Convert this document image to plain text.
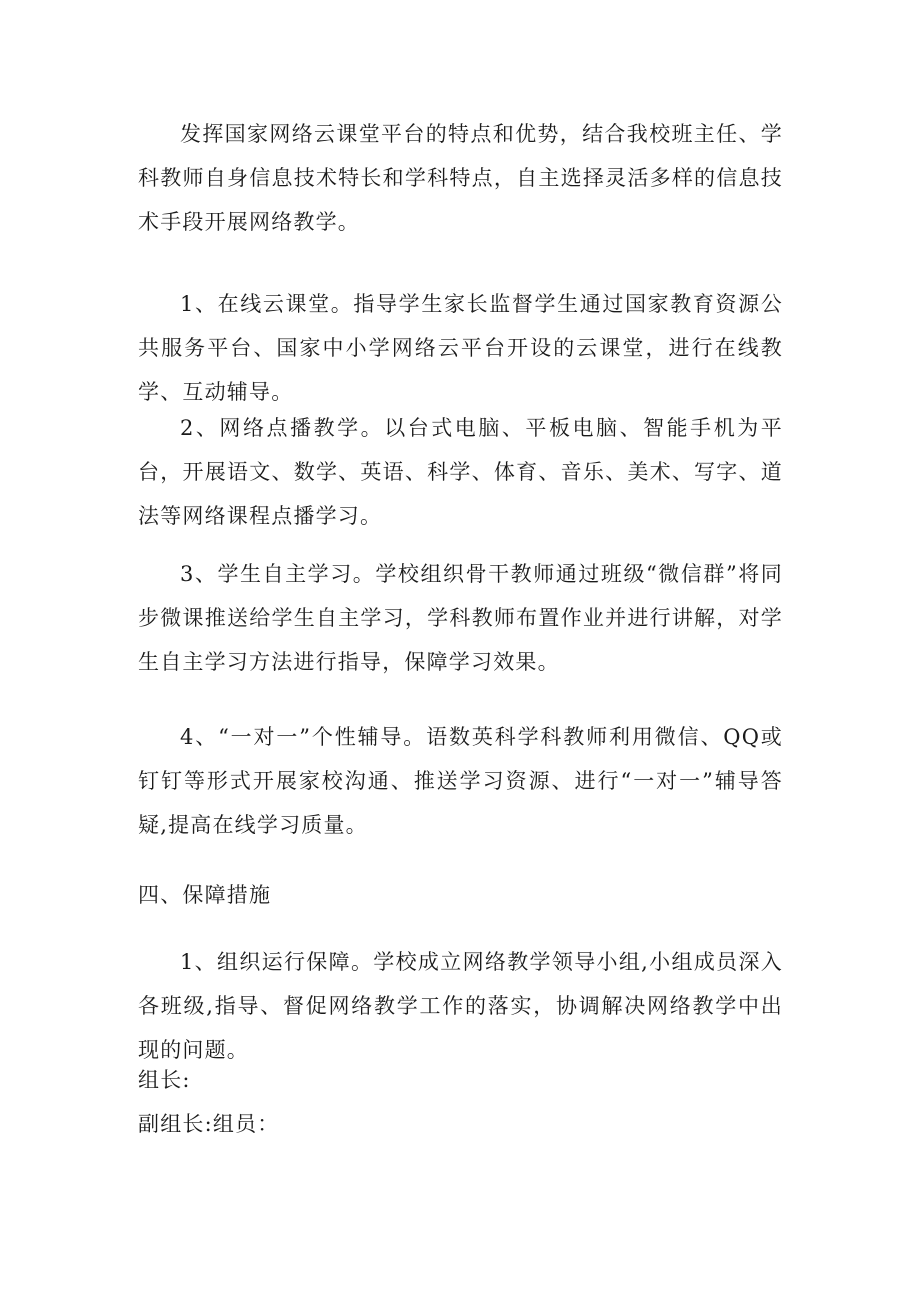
发挥国家网络云课堂平台的特点和优势，结合我校班主任、学科教师自身信息技术特长和学科特点，自主选择灵活多样的信息技术手段开展网络教学。

1、在线云课堂。指导学生家长监督学生通过国家教育资源公共服务平台、国家中小学网络云平台开设的云课堂，进行在线教学、互动辅导。

2、网络点播教学。以台式电脑、平板电脑、智能手机为平台，开展语文、数学、英语、科学、体育、音乐、美术、写字、道法等网络课程点播学习。

3、学生自主学习。学校组织骨干教师通过班级“微信群”将同步微课推送给学生自主学习，学科教师布置作业并进行讲解，对学生自主学习方法进行指导，保障学习效果。

4、“一对一”个性辅导。语数英科学科教师利用微信、QQ或钉钉等形式开展家校沟通、推送学习资源、进行“一对一”辅导答疑,提高在线学习质量。

四、保障措施

1、组织运行保障。学校成立网络教学领导小组,小组成员深入各班级,指导、督促网络教学工作的落实，协调解决网络教学中出现的问题。

组长:

副组长:组员：
